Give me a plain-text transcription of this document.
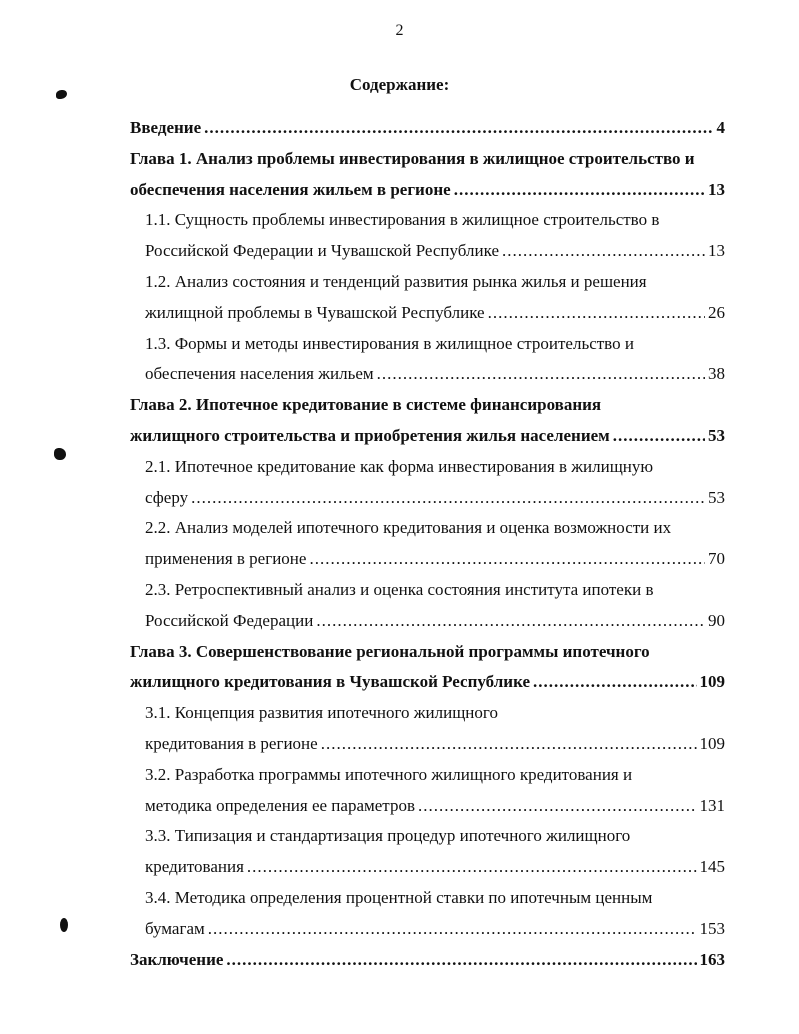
2
Содержание:
Введение .....	4
Глава 1. Анализ проблемы инвестирования в жилищное строительство и
обеспечения населения жильем в регионе .....	13
1.1. Сущность проблемы инвестирования в жилищное строительство в
Российской Федерации и Чувашской Республике .....	13
1.2. Анализ состояния и тенденций развития рынка жилья и решения
жилищной проблемы в Чувашской Республике .....	26
1.3. Формы и методы инвестирования в жилищное строительство и
обеспечения населения жильем .....	38
Глава 2. Ипотечное кредитование в системе финансирования
жилищного строительства и приобретения жилья населением .....	53
2.1. Ипотечное кредитование как форма инвестирования в жилищную
сферу .....	53
2.2. Анализ моделей ипотечного кредитования и оценка возможности их
применения в регионе .....	70
2.3. Ретроспективный анализ и оценка состояния института ипотеки в
Российской Федерации .....	90
Глава 3. Совершенствование региональной программы ипотечного
жилищного кредитования в Чувашской Республике .....	109
3.1. Концепция развития ипотечного жилищного
кредитования в регионе .....	109
3.2. Разработка программы ипотечного жилищного кредитования и
методика определения ее параметров .....	131
3.3. Типизация и стандартизация процедур ипотечного жилищного
кредитования .....	145
3.4. Методика определения процентной ставки по ипотечным ценным
бумагам .....	153
Заключение .....	163
